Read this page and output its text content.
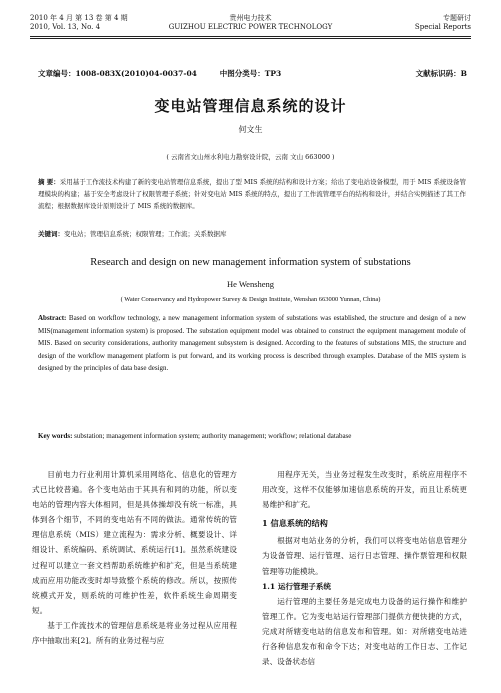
2010 年 4 月 第 13 卷 第 4 期
2010, Vol. 13, No. 4
贵州电力技术
GUIZHOU ELECTRIC POWER TECHNOLOGY
专题研讨
Special Reports
文章编号：1008-083X(2010)04-0037-04	中图分类号：TP3	文献标识码：B
变电站管理信息系统的设计
何文生
( 云南省文山州水利电力勘察设计院，云南 文山 663000 )
摘 要：采用基于工作流技术构建了新的变电站管理信息系统，提出了型 MIS 系统的结构和设计方案；给出了变电站设备模型，用于 MIS 系统设备管理模块的构建；基于安全考虑设计了权限管理子系统；针对变电站 MIS 系统的特点，提出了工作流管理平台的结构和设计，并结合实例描述了其工作流程；根据数据库设计原则设计了 MIS 系统的数据库。
关键词：变电站；管理信息系统；权限管理；工作流；关系数据库
Research and design on new management information system of substations
He Wensheng
( Water Conservancy and Hydropower Survey & Design Institute, Wenshan 663000 Yunnan, China)
Abstract: Based on workflow technology, a new management information system of substations was established, the structure and design of a new MIS(management information system) is proposed. The substation equipment model was obtained to construct the equipment management module of MIS. Based on security considerations, authority management subsystem is designed. According to the features of substations MIS, the structure and design of the workflow management platform is put forward, and its working process is described through examples. Database of the MIS system is designed by the principles of data base design.
Key words: substation; management information system; authority management; workflow; relational database

目前电力行业利用计算机采用网络化、信息化的管理方式已比较普遍。各个变电站由于其具有和同的功能，所以变电站的管理内容大体相同，但是具体操却没有统一标准，具体到各个细节，不同的变电站有不同的做法。通常传统的管理信息系统（MIS）建立流程为：需求分析、概要设计、详细设计、系统编码、系统调试、系统运行[1]。虽然系统建设过程可以建立一套文档帮助系统维护和扩充，但是当系统建成而应用功能改变时却导致整个系统的修改。所以，按照传统模式开发，则系统的可维护性差，软件系统生命周期变短。

基于工作流技术的管理信息系统是将业务过程从应用程序中抽取出来[2]。所有的业务过程与应

用程序无关，当业务过程发生改变时，系统应用程序不用改变，这样不仅能够加速信息系统的开发，而且让系统更易维护和扩充。

1 信息系统的结构

根据对电站业务的分析，我们可以将变电站信息管理分为设备管理、运行管理、运行日志管理、操作票管理和权限管理等功能模块。

1.1 运行管理子系统

运行管理的主要任务是完成电力设备的运行操作和维护管理工作。它为变电站运行管理部门提供方便快捷的方式，完成对所辖变电站的信息发布和管理。如：对所辖变电站进行各种信息发布和命令下达；对变电站的工作日志、工作记录、设备状态信
